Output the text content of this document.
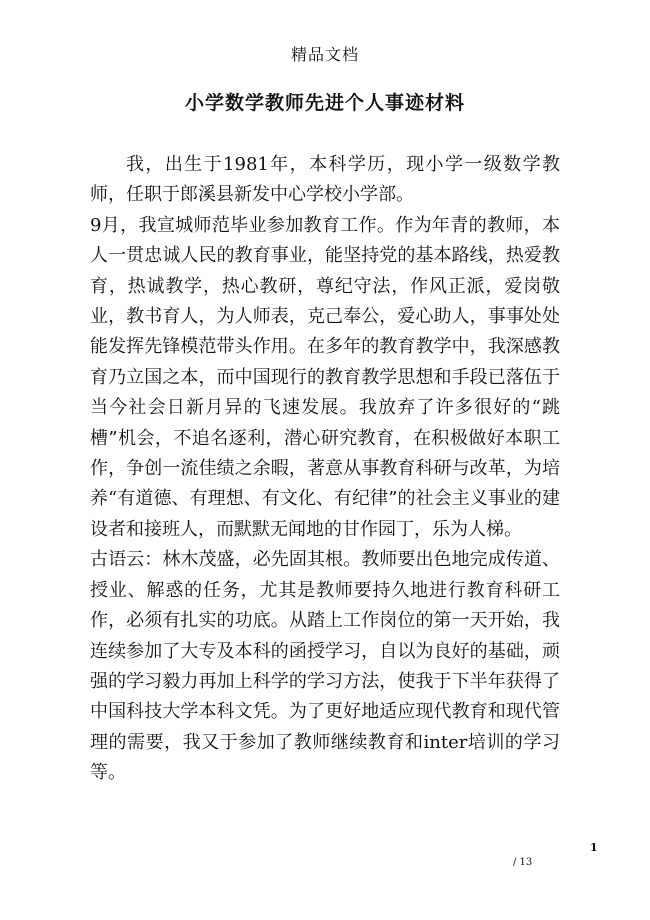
精品文档
小学数学教师先进个人事迹材料

我，出生于1981年，本科学历，现小学一级数学教师，任职于郎溪县新发中心学校小学部。

9月，我宣城师范毕业参加教育工作。作为年青的教师，本人一贯忠诚人民的教育事业，能坚持党的基本路线，热爱教育，热诚教学，热心教研，尊纪守法，作风正派，爱岗敬业，教书育人，为人师表，克己奉公，爱心助人，事事处处能发挥先锋模范带头作用。在多年的教育教学中，我深感教育乃立国之本，而中国现行的教育教学思想和手段已落伍于当今社会日新月异的飞速发展。我放弃了许多很好的“跳槽”机会，不追名逐利，潜心研究教育，在积极做好本职工作，争创一流佳绩之余暇，著意从事教育科研与改革，为培养“有道德、有理想、有文化、有纪律”的社会主义事业的建设者和接班人，而默默无闻地的甘作园丁，乐为人梯。

古语云：林木茂盛，必先固其根。教师要出色地完成传道、授业、解惑的任务，尤其是教师要持久地进行教育科研工作，必须有扎实的功底。从踏上工作岗位的第一天开始，我连续参加了大专及本科的函授学习，自以为良好的基础，顽强的学习毅力再加上科学的学习方法，使我于下半年获得了中国科技大学本科文凭。为了更好地适应现代教育和现代管理的需要，我又于参加了教师继续教育和inter培训的学习等。

1
/ 13
